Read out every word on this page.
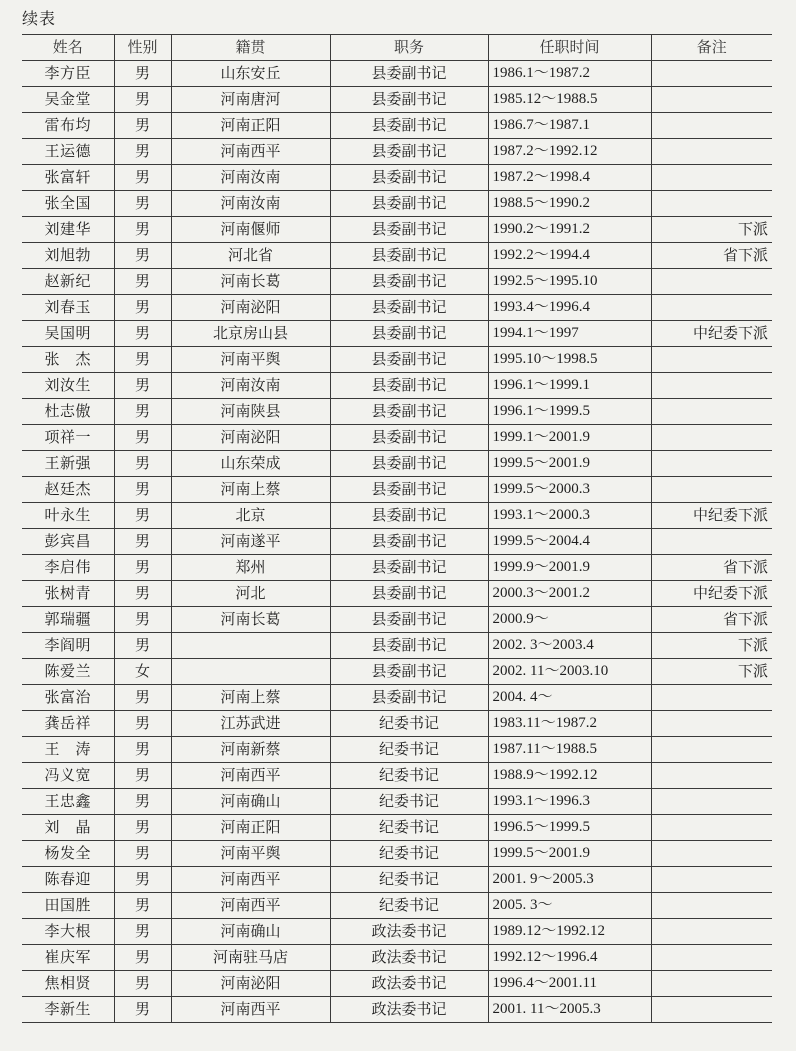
续表
姓名	性别	籍贯	职务	任职时间	备注
李方臣	男	山东安丘	县委副书记	1986.1～1987.2	
吴金堂	男	河南唐河	县委副书记	1985.12～1988.5	
雷布均	男	河南正阳	县委副书记	1986.7～1987.1	
王运德	男	河南西平	县委副书记	1987.2～1992.12	
张富轩	男	河南汝南	县委副书记	1987.2～1998.4	
张全国	男	河南汝南	县委副书记	1988.5～1990.2	
刘建华	男	河南偃师	县委副书记	1990.2～1991.2	下派
刘旭勃	男	河北省	县委副书记	1992.2～1994.4	省下派
赵新纪	男	河南长葛	县委副书记	1992.5～1995.10	
刘春玉	男	河南泌阳	县委副书记	1993.4～1996.4	
吴国明	男	北京房山县	县委副书记	1994.1～1997	中纪委下派
张　杰	男	河南平舆	县委副书记	1995.10～1998.5	
刘汝生	男	河南汝南	县委副书记	1996.1～1999.1	
杜志傲	男	河南陕县	县委副书记	1996.1～1999.5	
项祥一	男	河南泌阳	县委副书记	1999.1～2001.9	
王新强	男	山东荣成	县委副书记	1999.5～2001.9	
赵廷杰	男	河南上蔡	县委副书记	1999.5～2000.3	
叶永生	男	北京	县委副书记	1993.1～2000.3	中纪委下派
彭宾昌	男	河南遂平	县委副书记	1999.5～2004.4	
李启伟	男	郑州	县委副书记	1999.9～2001.9	省下派
张树青	男	河北	县委副书记	2000.3～2001.2	中纪委下派
郭瑞疆	男	河南长葛	县委副书记	2000.9～	省下派
李阎明	男		县委副书记	2002. 3～2003.4	下派
陈爱兰	女		县委副书记	2002. 11～2003.10	下派
张富治	男	河南上蔡	县委副书记	2004. 4～	
龚岳祥	男	江苏武进	纪委书记	1983.11～1987.2	
王　涛	男	河南新蔡	纪委书记	1987.11～1988.5	
冯义宽	男	河南西平	纪委书记	1988.9～1992.12	
王忠鑫	男	河南确山	纪委书记	1993.1～1996.3	
刘　晶	男	河南正阳	纪委书记	1996.5～1999.5	
杨发全	男	河南平舆	纪委书记	1999.5～2001.9	
陈春迎	男	河南西平	纪委书记	2001. 9～2005.3	
田国胜	男	河南西平	纪委书记	2005. 3～	
李大根	男	河南确山	政法委书记	1989.12～1992.12	
崔庆军	男	河南驻马店	政法委书记	1992.12～1996.4	
焦相贤	男	河南泌阳	政法委书记	1996.4～2001.11	
李新生	男	河南西平	政法委书记	2001. 11～2005.3	
